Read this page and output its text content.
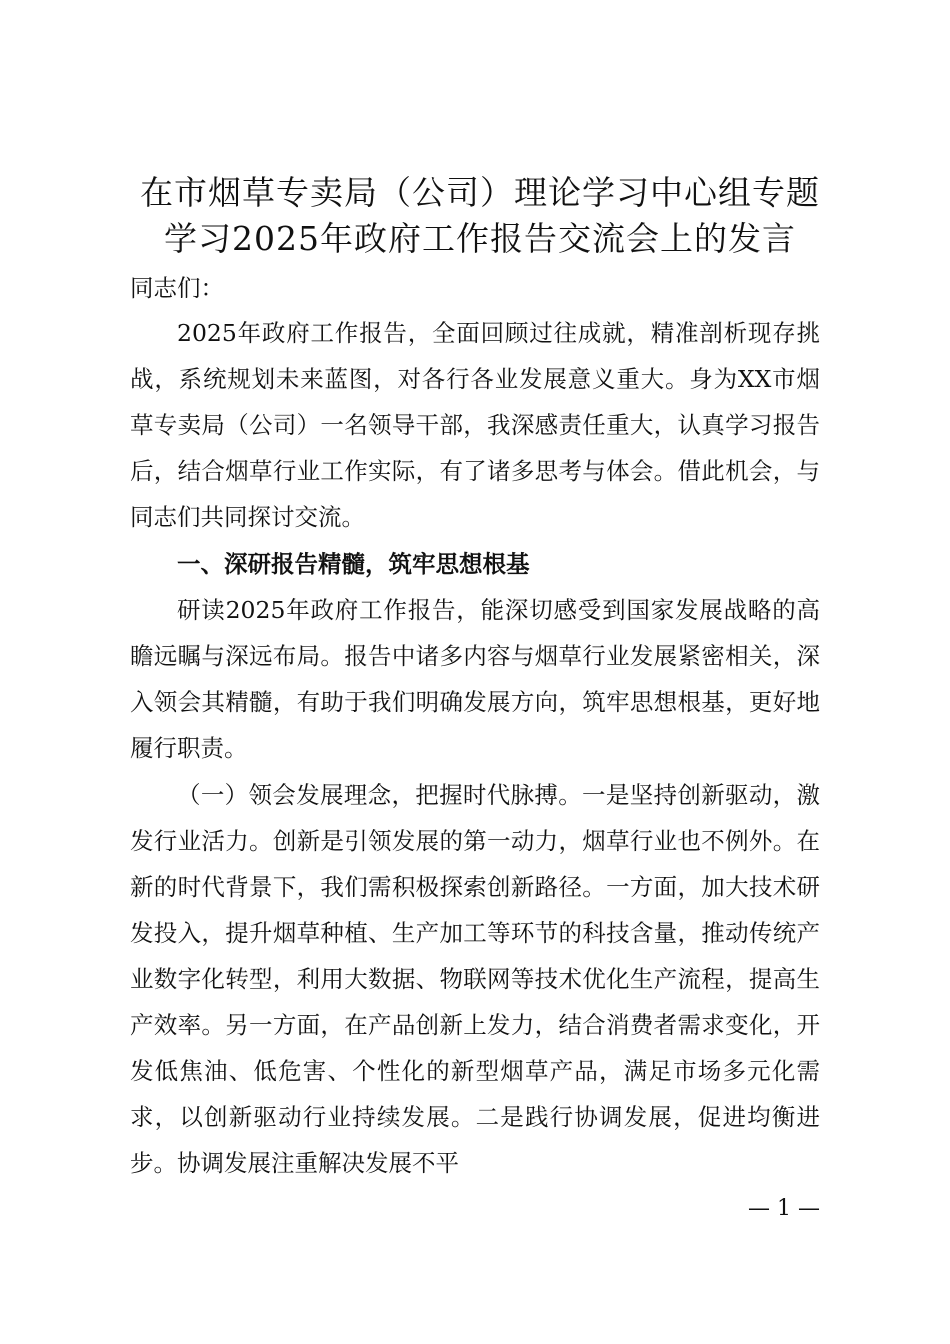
在市烟草专卖局（公司）理论学习中心组专题
学习2025年政府工作报告交流会上的发言
同志们：

2025年政府工作报告，全面回顾过往成就，精准剖析现存挑战，系统规划未来蓝图，对各行各业发展意义重大。身为XX市烟草专卖局（公司）一名领导干部，我深感责任重大，认真学习报告后，结合烟草行业工作实际，有了诸多思考与体会。借此机会，与同志们共同探讨交流。

一、深研报告精髓，筑牢思想根基

研读2025年政府工作报告，能深切感受到国家发展战略的高瞻远瞩与深远布局。报告中诸多内容与烟草行业发展紧密相关，深入领会其精髓，有助于我们明确发展方向，筑牢思想根基，更好地履行职责。

（一）领会发展理念，把握时代脉搏。一是坚持创新驱动，激发行业活力。创新是引领发展的第一动力，烟草行业也不例外。在新的时代背景下，我们需积极探索创新路径。一方面，加大技术研发投入，提升烟草种植、生产加工等环节的科技含量，推动传统产业数字化转型，利用大数据、物联网等技术优化生产流程，提高生产效率。另一方面，在产品创新上发力，结合消费者需求变化，开发低焦油、低危害、个性化的新型烟草产品，满足市场多元化需求，以创新驱动行业持续发展。二是践行协调发展，促进均衡进步。协调发展注重解决发展不平

— 1 —
